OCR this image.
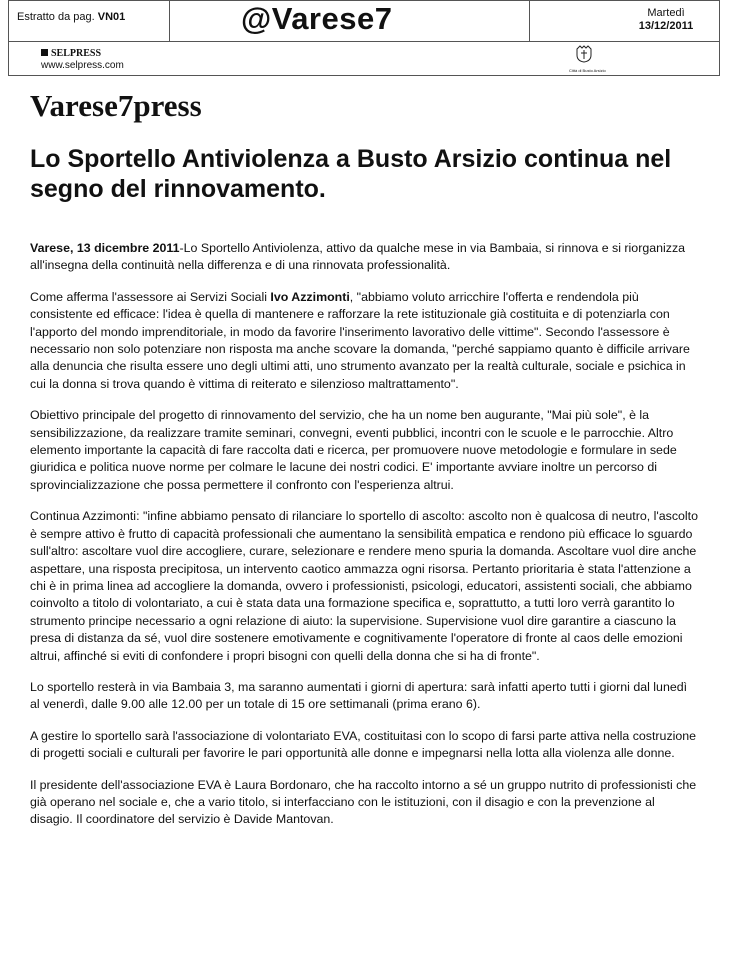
Estratto da pag. VN01	@Varese7	Martedì
13/12/2011
SELPRESS
www.selpress.com	Città di Busto Arsizio
Varese7press
Lo Sportello Antiviolenza a Busto Arsizio continua nel segno del rinnovamento.

Varese, 13 dicembre 2011-Lo Sportello Antiviolenza, attivo da qualche mese in via Bambaia, si rinnova e si riorganizza all'insegna della continuità nella differenza e di una rinnovata professionalità.

Come afferma l'assessore ai Servizi Sociali Ivo Azzimonti, "abbiamo voluto arricchire l'offerta e rendendola più consistente ed efficace: l'idea è quella di mantenere e rafforzare la rete istituzionale già costituita e di potenziarla con l'apporto del mondo imprenditoriale, in modo da favorire l'inserimento lavorativo delle vittime". Secondo l'assessore è necessario non solo potenziare non risposta ma anche scovare la domanda, "perché sappiamo quanto è difficile arrivare alla denuncia che risulta essere uno degli ultimi atti, uno strumento avanzato per la realtà culturale, sociale e psichica in cui la donna si trova quando è vittima di reiterato e silenzioso maltrattamento".

Obiettivo principale del progetto di rinnovamento del servizio, che ha un nome ben augurante, "Mai più sole", è la sensibilizzazione, da realizzare tramite seminari, convegni, eventi pubblici, incontri con le scuole e le parrocchie. Altro elemento importante la capacità di fare raccolta dati e ricerca, per promuovere nuove metodologie e formulare in sede giuridica e politica nuove norme per colmare le lacune dei nostri codici. E' importante avviare inoltre un percorso di sprovincializzazione che possa permettere il confronto con l'esperienza altrui.

Continua Azzimonti: "infine abbiamo pensato di rilanciare lo sportello di ascolto: ascolto non è qualcosa di neutro, l'ascolto è sempre attivo è frutto di capacità professionali che aumentano la sensibilità empatica e rendono più efficace lo sguardo sull'altro: ascoltare vuol dire accogliere, curare, selezionare e rendere meno spuria la domanda. Ascoltare vuol dire anche aspettare, una risposta precipitosa, un intervento caotico ammazza ogni risorsa. Pertanto prioritaria è stata l'attenzione a chi è in prima linea ad accogliere la domanda, ovvero i professionisti, psicologi, educatori, assistenti sociali, che abbiamo coinvolto a titolo di volontariato, a cui è stata data una formazione specifica e, soprattutto, a tutti loro verrà garantito lo strumento principe necessario a ogni relazione di aiuto: la supervisione. Supervisione vuol dire garantire a ciascuno la presa di distanza da sé, vuol dire sostenere emotivamente e cognitivamente l'operatore di fronte al caos delle emozioni altrui, affinché si eviti di confondere i propri bisogni con quelli della donna che si ha di fronte".

Lo sportello resterà in via Bambaia 3, ma saranno aumentati i giorni di apertura: sarà infatti aperto tutti i giorni dal lunedì al venerdì, dalle 9.00 alle 12.00 per un totale di 15 ore settimanali (prima erano 6).

A gestire lo sportello sarà l'associazione di volontariato EVA, costituitasi con lo scopo di farsi parte attiva nella costruzione di progetti sociali e culturali per favorire le pari opportunità alle donne e impegnarsi nella lotta alla violenza alle donne.

Il presidente dell'associazione EVA è Laura Bordonaro, che ha raccolto intorno a sé un gruppo nutrito di professionisti che già operano nel sociale e, che a vario titolo, si interfacciano con le istituzioni, con il disagio e con la prevenzione al disagio. Il coordinatore del servizio è Davide Mantovan.
